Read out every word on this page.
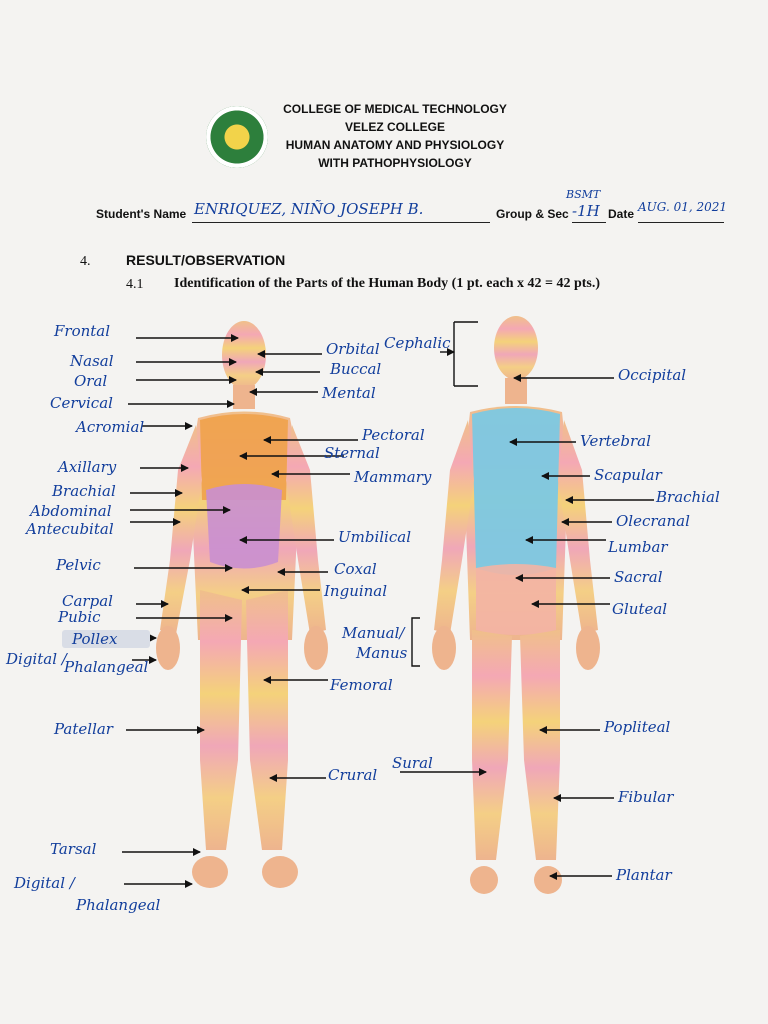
COLLEGE OF MEDICAL TECHNOLOGY
VELEZ COLLEGE
HUMAN ANATOMY AND PHYSIOLOGY
WITH PATHOPHYSIOLOGY
Student's Name ENRIQUEZ, NIÑO JOSEPH B.	Group & Sec
BSMT
-1H Date AUG. 01, 2021
4.	RESULT/OBSERVATION
4.1 Identification of the Parts of the Human Body (1 pt. each x 42 = 42 pts.)
Frontal
Nasal
Oral
Cervical
Acromial
Axillary
Brachial
Abdominal
Antecubital
Pelvic
Carpal
Pubic
Pollex
Digital /
Phalangeal
Patellar
Tarsal
Digital /
Phalangeal
Orbital Cephalic
Buccal
Mental
Pectoral
Sternal
Mammary
Umbilical
Coxal
Inguinal
Manual/
Manus
Femoral
Crural
Sural
Occipital
Vertebral
Scapular
Brachial
Olecranal
Lumbar
Sacral
Gluteal
Popliteal
Fibular
Plantar
